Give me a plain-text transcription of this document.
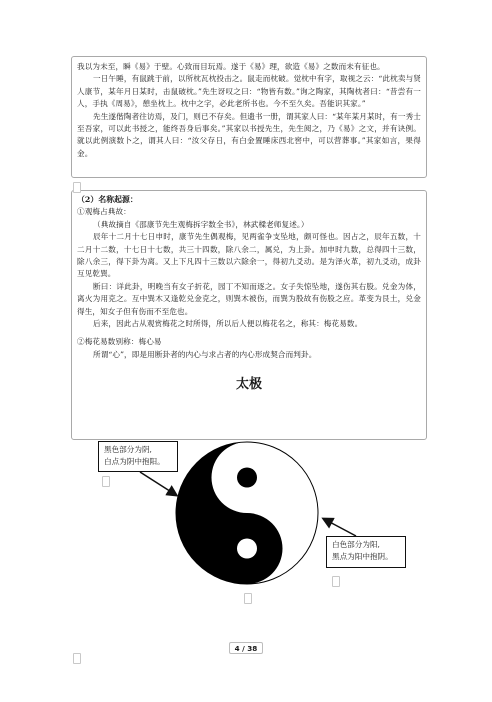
我以为未至，瞬《易》于壁。心致而目玩焉。遂于《易》理，欲造《易》之数而未有征也。

一日午睡，有鼠跳于前，以所枕瓦枕投击之。鼠走而枕破。觉枕中有字，取视之云：“此枕卖与贤人康节，某年月日某时，击鼠破枕。”先生讶叹之曰：“物皆有数。”询之陶家，其陶枕者曰：“昔尝有一人，手执《周易》，憩坐枕上。枕中之字，必此老所书也。今不至久矣。吾能识其家。”

先生遂偕陶者往访焉，及门，则已不存矣。但遗书一册，谓其家人曰：“某年某月某时，有一秀士至吾家，可以此书授之，能终吾身后事矣。”其家以书授先生，先生阅之，乃《易》之文，并有诀例。就以此例演数卜之，谓其人曰：“汝父存日，有白金置睡床西北窖中，可以营葬事。”其家如言，果得金。

（2）名称起源：

①观梅占典故：

（典故摘自《邵康节先生观梅拆字数全书》，林武樑老师复述。）

辰年十二月十七日申时，康节先生偶观梅，见两雀争支坠地，颇可怪也。因占之，辰年五数，十二月十二数，十七日十七数，共三十四数，除八余二，属兑，为上卦。加申时九数，总得四十三数，除八余三，得下卦为离。又上下凡四十三数以六除余一，得初九爻动。是为泽火革，初九爻动，成卦互见乾巽。

断曰：详此卦，明晚当有女子折花，园丁不知而逐之。女子失惊坠地，遂伤其右股。兑金为体，离火为用克之。互中巽木又逢乾兑金克之，则巽木被伤，而巽为股故有伤股之应。革变为艮土，兑金得生，知女子但有伤而不至危也。

后来，因此占从观赏梅花之时所得，所以后人便以梅花名之，称其：梅花易数。

②梅花易数别称：梅心易

所谓“心”，即是用断卦者的内心与求占者的内心形成契合而判卦。

太极
黑色部分为阴,
白点为阴中抱阳。
白色部分为阳,
黑点为阳中抱阴。
4 / 38
